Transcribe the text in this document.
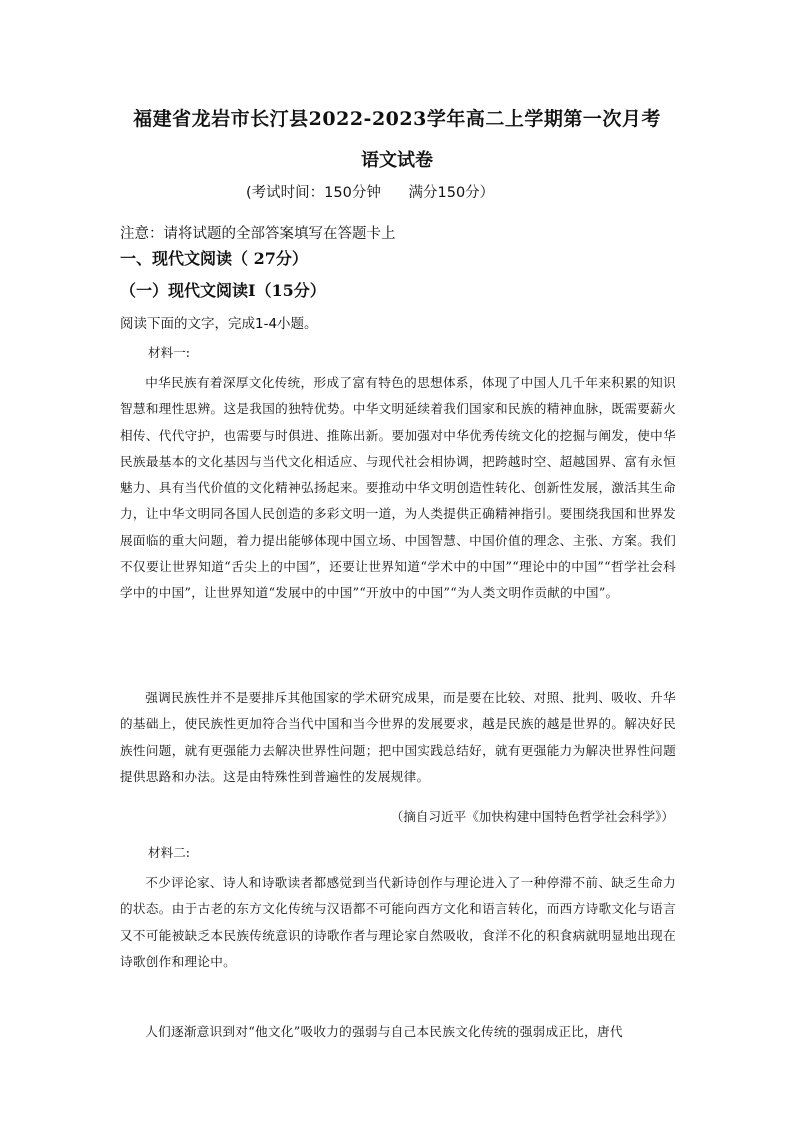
福建省龙岩市长汀县2022-2023学年高二上学期第一次月考
语文试卷
(考试时间：150分钟      满分150分）
注意：请将试题的全部答案填写在答题卡上
一、现代文阅读（ 27分）
（一）现代文阅读Ⅰ（15分）
阅读下面的文字，完成1-4小题。
材料一:
中华民族有着深厚文化传统，形成了富有特色的思想体系，体现了中国人几千年来积累的知识智慧和理性思辨。这是我国的独特优势。中华文明延续着我们国家和民族的精神血脉，既需要薪火相传、代代守护，也需要与时俱进、推陈出新。要加强对中华优秀传统文化的挖掘与阐发，使中华民族最基本的文化基因与当代文化相适应、与现代社会相协调，把跨越时空、超越国界、富有永恒魅力、具有当代价值的文化精神弘扬起来。要推动中华文明创造性转化、创新性发展，激活其生命力，让中华文明同各国人民创造的多彩文明一道，为人类提供正确精神指引。要围绕我国和世界发展面临的重大问题，着力提出能够体现中国立场、中国智慧、中国价值的理念、主张、方案。我们不仅要让世界知道“舌尖上的中国”，还要让世界知道“学术中的中国”“理论中的中国”“哲学社会科学中的中国”，让世界知道“发展中的中国”“开放中的中国”“为人类文明作贡献的中国”。
强调民族性并不是要排斥其他国家的学术研究成果，而是要在比较、对照、批判、吸收、升华的基础上，使民族性更加符合当代中国和当今世界的发展要求，越是民族的越是世界的。解决好民族性问题，就有更强能力去解决世界性问题；把中国实践总结好，就有更强能力为解决世界性问题提供思路和办法。这是由特殊性到普遍性的发展规律。
（摘自习近平《加快构建中国特色哲学社会科学》）
材料二:
不少评论家、诗人和诗歌读者都感觉到当代新诗创作与理论进入了一种停滞不前、缺乏生命力的状态。由于古老的东方文化传统与汉语都不可能向西方文化和语言转化，而西方诗歌文化与语言又不可能被缺乏本民族传统意识的诗歌作者与理论家自然吸收，食洋不化的积食病就明显地出现在诗歌创作和理论中。
人们逐渐意识到对“他文化”吸收力的强弱与自己本民族文化传统的强弱成正比，唐代
